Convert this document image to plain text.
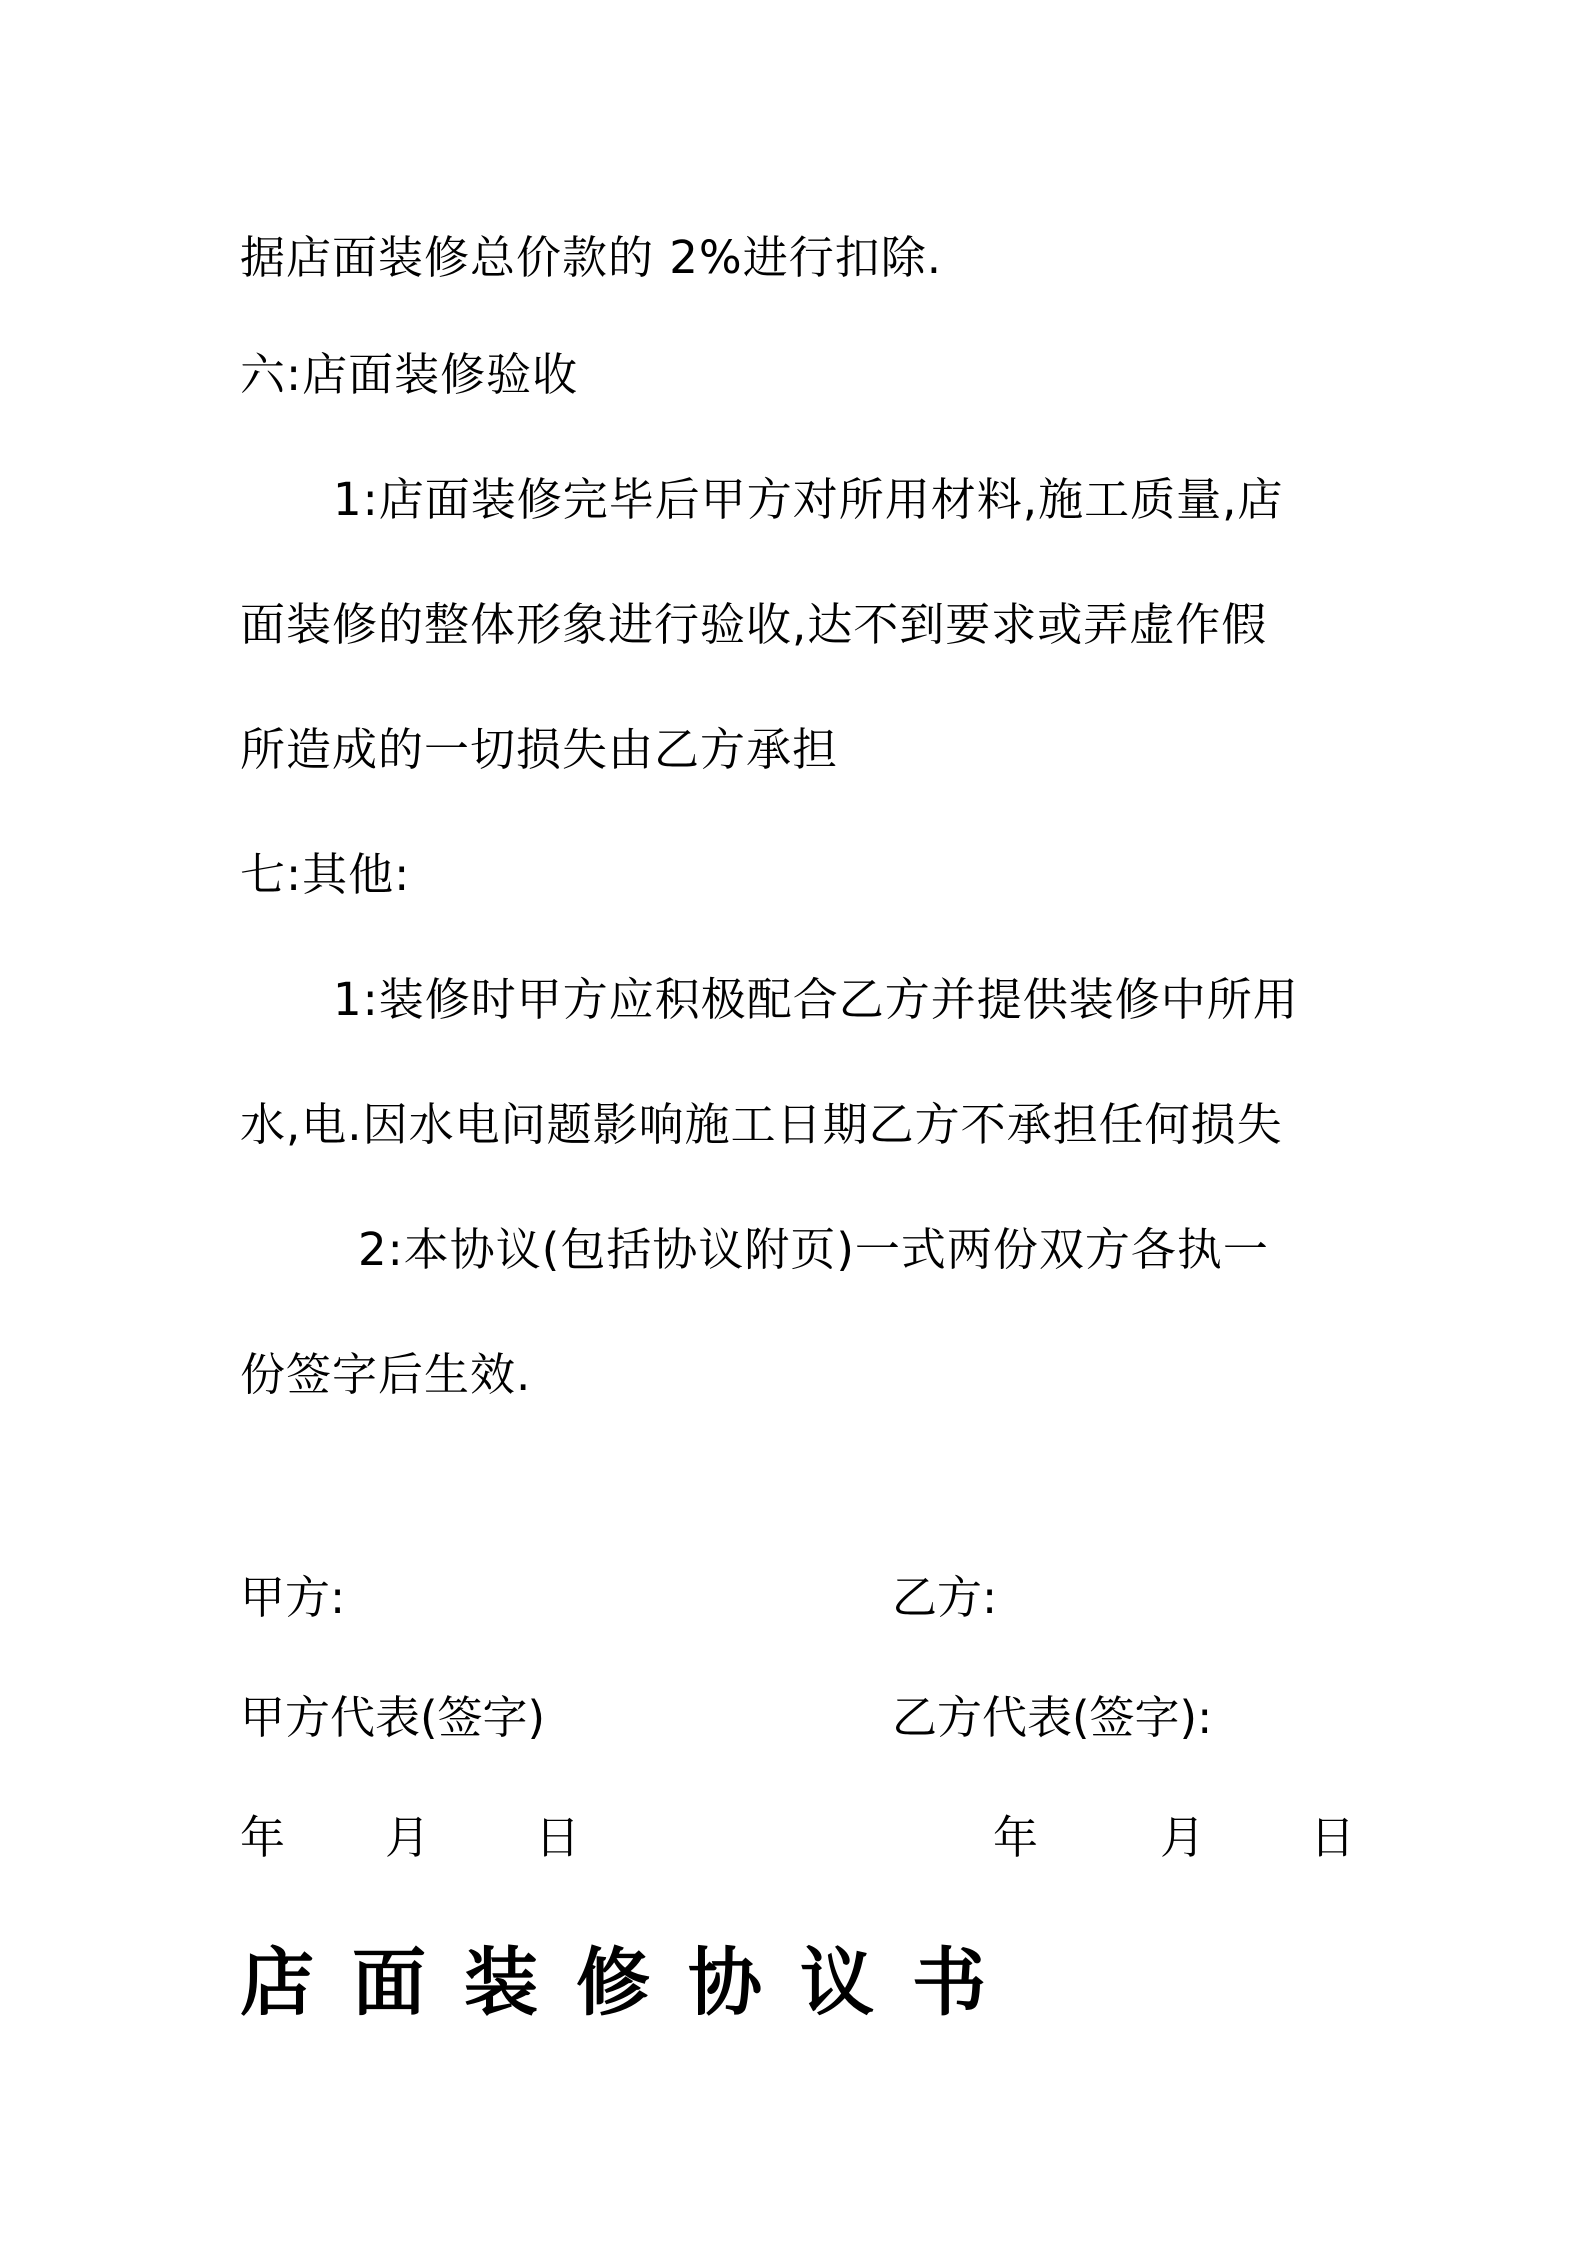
据店面装修总价款的 2%进行扣除.
六:店面装修验收
1:店面装修完毕后甲方对所用材料,施工质量,店
面装修的整体形象进行验收,达不到要求或弄虚作假
所造成的一切损失由乙方承担
七:其他:
1:装修时甲方应积极配合乙方并提供装修中所用
水,电.因水电问题影响施工日期乙方不承担任何损失
2:本协议(包括协议附页)一式两份双方各执一
份签字后生效.
甲方:	乙方:
甲方代表(签字)	乙方代表(签字):
年 月 日	年	月 日
店面装修协议书
